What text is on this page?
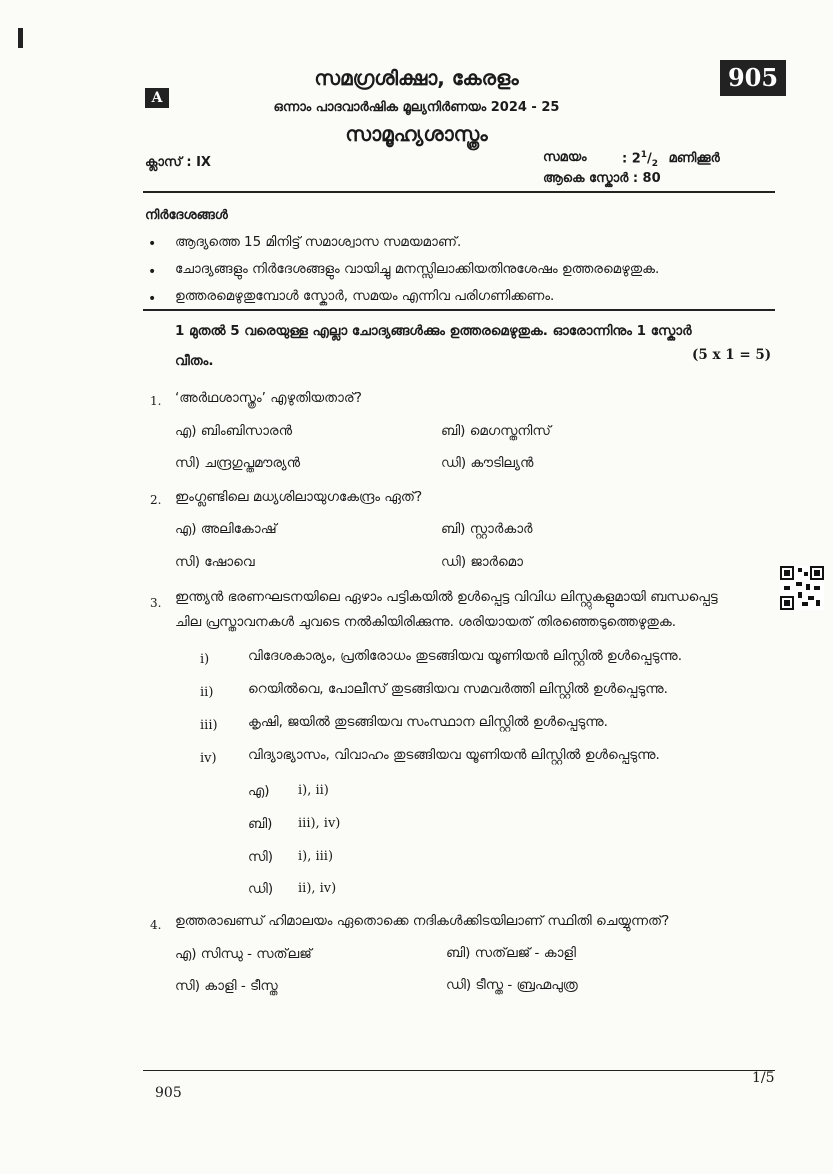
905
A
സമഗ്രശിക്ഷാ, കേരളം
ഒന്നാം പാദവാർഷിക മൂല്യനിർണയം 2024 - 25
സാമൂഹ്യശാസ്ത്രം
ക്ലാസ് : IX	സമയം	: $2^1/_2$ മണിക്കൂർ
ആകെ സ്കോർ : 80
നിർദേശങ്ങൾ
• ആദ്യത്തെ 15 മിനിട്ട് സമാശ്വാസ സമയമാണ്.
• ചോദ്യങ്ങളും നിർദേശങ്ങളും വായിച്ചു മനസ്സിലാക്കിയതിനുശേഷം ഉത്തരമെഴുതുക.
• ഉത്തരമെഴുതുമ്പോൾ സ്കോർ, സമയം എന്നിവ പരിഗണിക്കണം.
1 മുതൽ 5 വരെയുള്ള എല്ലാ ചോദ്യങ്ങൾക്കും ഉത്തരമെഴുതുക. ഓരോന്നിനും 1 സ്കോർ
വീതം.	(5 x 1 = 5)
1. ‘അർഥശാസ്ത്രം’ എഴുതിയതാര്?
എ) ബിംബിസാരൻ	ബി) മെഗസ്തനിസ്
സി) ചന്ദ്രഗുപ്തമൗര്യൻ	ഡി) കൗടില്യൻ
2. ഇംഗ്ലണ്ടിലെ മധ്യശിലായുഗകേന്ദ്രം ഏത്?
എ) അലികോഷ്	ബി) സ്റ്റാർകാർ
സി) ഷോവെ	ഡി) ജാർമൊ
3. ഇന്ത്യൻ ഭരണഘടനയിലെ ഏഴാം പട്ടികയിൽ ഉൾപ്പെട്ട വിവിധ ലിസ്റ്റുകളുമായി ബന്ധപ്പെട്ട
ചില പ്രസ്താവനകൾ ചുവടെ നൽകിയിരിക്കുന്നു. ശരിയായത് തിരഞ്ഞെടുത്തെഴുതുക.
i)	വിദേശകാര്യം, പ്രതിരോധം തുടങ്ങിയവ യൂണിയൻ ലിസ്റ്റിൽ ഉൾപ്പെടുന്നു.
ii)	റെയിൽവെ, പോലീസ് തുടങ്ങിയവ സമവർത്തി ലിസ്റ്റിൽ ഉൾപ്പെടുന്നു.
iii) കൃഷി, ജയിൽ തുടങ്ങിയവ സംസ്ഥാന ലിസ്റ്റിൽ ഉൾപ്പെടുന്നു.
iv) വിദ്യാഭ്യാസം, വിവാഹം തുടങ്ങിയവ യൂണിയൻ ലിസ്റ്റിൽ ഉൾപ്പെടുന്നു.
എ) i), ii)
ബി) iii), iv)
സി) i), iii)
ഡി) ii), iv)
4. ഉത്തരാഖണ്ഡ് ഹിമാലയം ഏതൊക്കെ നദികൾക്കിടയിലാണ് സ്ഥിതി ചെയ്യുന്നത്?
എ) സിന്ധു - സത്‌ലജ്	ബി) സത്‌ലജ് - കാളി
സി) കാളി - ടീസ്ത	ഡി) ടീസ്ത - ബ്രഹ്മപുത്ര
1/5
905
